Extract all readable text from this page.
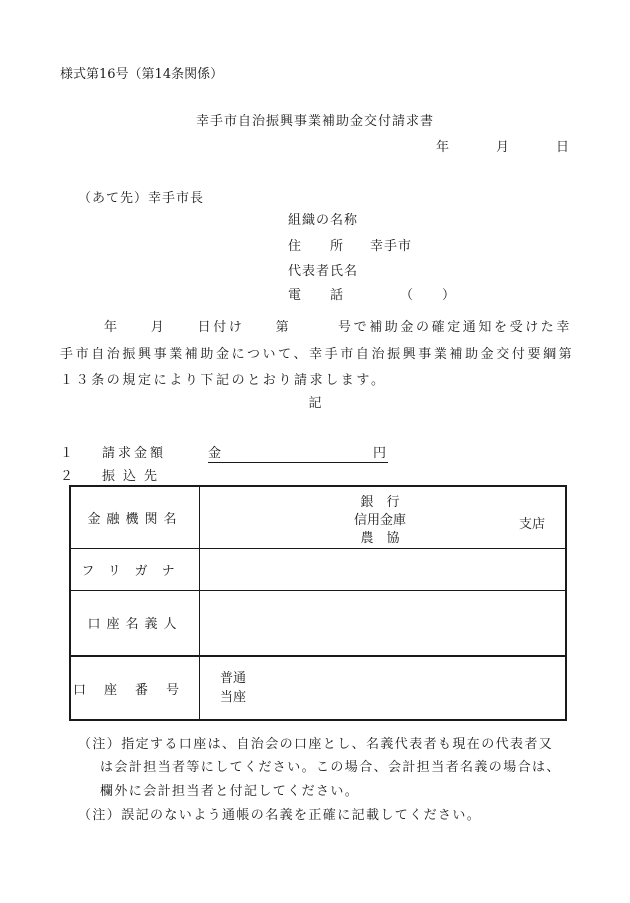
様式第16号（第14条関係）
幸手市自治振興事業補助金交付請求書
年	月	日
（あて先）幸手市長
組織の名称
住　　所 幸手市
代表者氏名
電　　話	（　　）
年　　月　　日付け　　第　　　号で補助金の確定通知を受けた幸
手市自治振興事業補助金について、幸手市自治振興事業補助金交付要綱第
１３条の規定により下記のとおり請求します。
記
１ 請求金額	金	円
２ 振込先
金融機関名	銀　行
信用金庫
農　協
支店

フリガナ	
口座名義人	
口座番号	普通
当座
（注）指定する口座は、自治会の口座とし、名義代表者も現在の代表者又
は会計担当者等にしてください。この場合、会計担当者名義の場合は、
欄外に会計担当者と付記してください。
（注）誤記のないよう通帳の名義を正確に記載してください。
